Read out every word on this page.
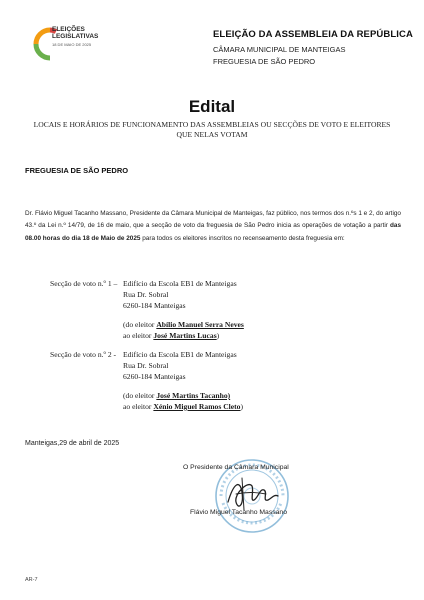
ELEIÇÕES
LEGISLATIVAS
18 DE MAIO DE 2025
ELEIÇÃO DA ASSEMBLEIA DA REPÚBLICA
CÂMARA MUNICIPAL DE MANTEIGAS
FREGUESIA DE SÃO PEDRO
Edital
LOCAIS E HORÁRIOS DE FUNCIONAMENTO DAS ASSEMBLEIAS OU SECÇÕES DE VOTO E ELEITORES QUE NELAS VOTAM
FREGUESIA DE SÃO PEDRO
Dr. Flávio Miguel Tacanho Massano, Presidente da Câmara Municipal de Manteigas, faz público, nos termos dos n.ºs 1 e 2, do artigo 43.º da Lei n.º 14/79, de 16 de maio, que a secção de voto da freguesia de São Pedro inicia as operações de votação a partir das 08.00 horas do dia 18 de Maio de 2025 para todos os eleitores inscritos no recenseamento desta freguesia em:
Secção de voto n.º 1 – Edifício da Escola EB1 de Manteigas
Rua Dr. Sobral
6260-184 Manteigas
(do eleitor Abílio Manuel Serra Neves
ao eleitor José Martins Lucas)
Secção de voto n.º 2 - Edifício da Escola EB1 de Manteigas
Rua Dr. Sobral
6260-184 Manteigas
(do eleitor José Martins Tacanho)
ao eleitor Xénio Miguel Ramos Cleto)
Manteigas,29 de abril de 2025
O Presidente da Câmara Municipal
Flávio Miguel Tacanho Massano
AR-7
